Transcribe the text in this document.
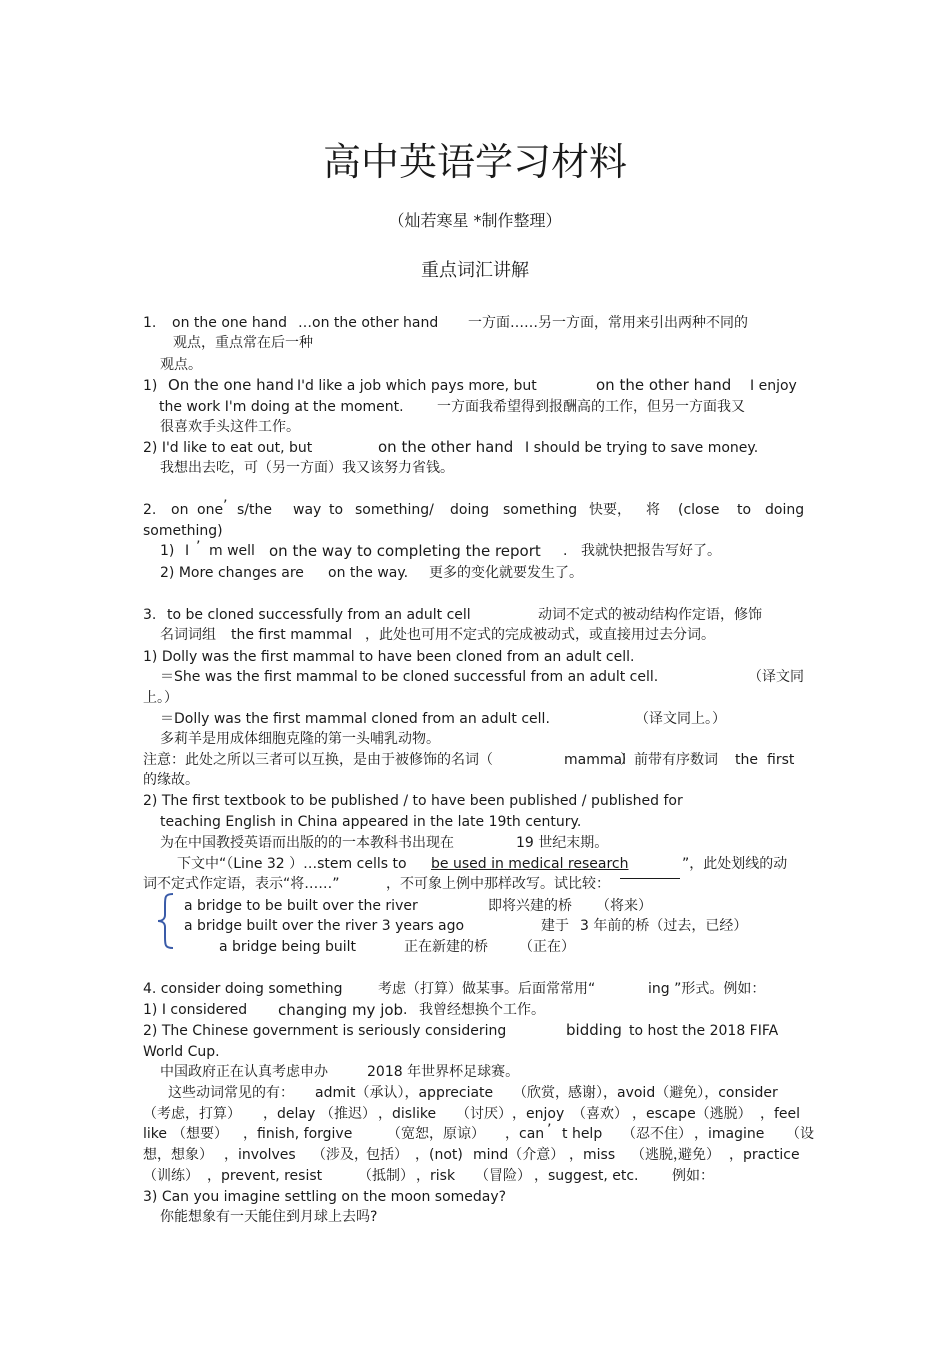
高中英语学习材料
（灿若寒星 *制作整理）
重点词汇讲解
1. on the one hand …on the other hand 一方面……另一方面，常用来引出两种不同的
观点，重点常在后一种
观点。
1) On the one hand I'd like a job which pays more, but	on the other hand I enjoy
the work I'm doing at the moment. 一方面我希望得到报酬高的工作，但另一方面我又
很喜欢手头这件工作。
2) I'd like to eat out, but	on the other hand I should be trying to save money.
我想出去吃，可（另一方面）我又该努力省钱。
2. on one ’ s/the way to something/ doing something 快要， 将 (close to doing
something)
1) I ’ m well on the way to completing the report . 我就快把报告写好了。
2) More changes are on the way. 更多的变化就要发生了。
3. to be cloned successfully from an adult cell	动词不定式的被动结构作定语，修饰
名词词组 the first mammal ，此处也可用不定式的完成被动式，或直接用过去分词。
1) Dolly was the first mammal to have been cloned from an adult cell.
＝She was the first mammal to be cloned successful from an adult cell.	（译文同
上。）
＝Dolly was the first mammal cloned from an adult cell.	（译文同上。）
多莉羊是用成体细胞克隆的第一头哺乳动物。
注意：此处之所以三者可以互换，是由于被修饰的名词（	mammal
）前带有序数词 the first
的缘故。
2) The first textbook to be published / to have been published / published for
teaching English in China appeared in the late 19th century.
为在中国教授英语而出版的的一本教科书出现在	19 世纪末期。
下文中“（Line 32 ）…stem cells to be used in medical research	”，此处划线的动
词不定式作定语，表示“将……”	，不可象上例中那样改写。试比较：
a bridge to be built over the river	即将兴建的桥 （将来）
a bridge built over the river 3 years ago	建于 3 年前的桥（过去，已经）
a bridge being built	正在新建的桥 （正在）
4. consider doing something	考虑（打算）做某事。后面常常用“	ing ”形式。例如：
1) I considered changing my job . 我曾经想换个工作。
2) The Chinese government is seriously considering	bidding to host the 2018 FIFA
World Cup.
中国政府正在认真考虑申办	2018 年世界杯足球赛。
这些动词常见的有： admit（承认），appreciate （欣赏， 感谢），avoid（避免），consider
（考虑，打算） ，delay （推迟） ，dislike （讨厌） ，enjoy （喜欢） ，escape（逃脱） ，feel
like （想要） ，finish, forgive （宽恕，原谅） ，can ’ t help （忍不住） ，imagine （设
想，想象） ，involves （涉及，
包括） ，(not) mind（介意） ，miss （逃脱，
避免） ，practice
（训练） ，prevent, resist	（抵制） ，risk （冒险） ，suggest, etc. 例如：
3) Can you imagine settling on the moon someday?
你能想象有一天能住到月球上去吗?
